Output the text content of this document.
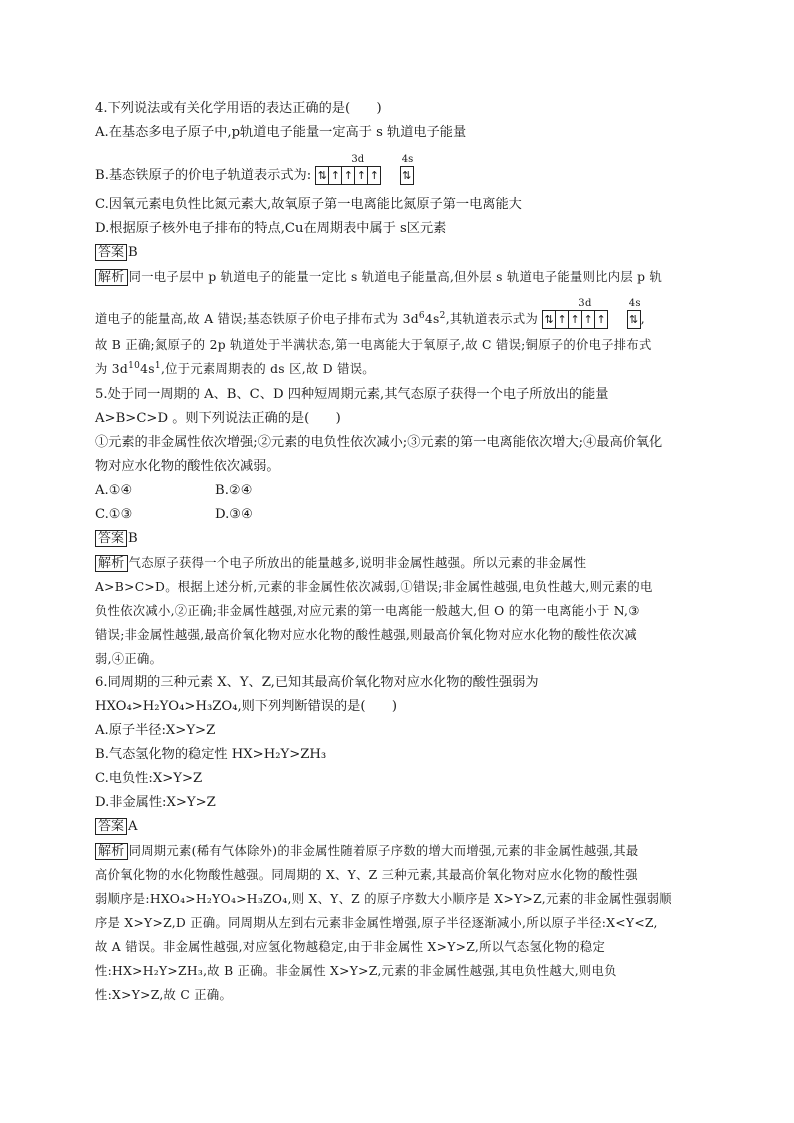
4.下列说法或有关化学用语的表达正确的是(　　)
A.在基态多电子原子中,p轨道电子能量一定高于 s 轨道电子能量
B.基态铁原子的价电子轨道表示式为:
3d
⇅ ↑ ↑ ↑ ↑

4s
⇅
C.因氧元素电负性比氮元素大,故氧原子第一电离能比氮原子第一电离能大
D.根据原子核外电子排布的特点,Cu在周期表中属于 s区元素
答案 B
解析 同一电子层中 p 轨道电子的能量一定比 s 轨道电子能量高,但外层 s 轨道电子能量则比内层 p 轨
道电子的能量高,故 A 错误;基态铁原子价电子排布式为 $3d^64s^2$,其轨道表示式为
3d
⇅ ↑ ↑ ↑ ↑

4s
⇅ ,
故 B 正确;氮原子的 2p 轨道处于半满状态,第一电离能大于氧原子,故 C 错误;铜原子的价电子排布式
为 $3d^{10}4s^1$,位于元素周期表的 ds 区,故 D 错误。
5.处于同一周期的 A、B、C、D 四种短周期元素,其气态原子获得一个电子所放出的能量
A>B>C>D 。则下列说法正确的是(　　)
①元素的非金属性依次增强;②元素的电负性依次减小;③元素的第一电离能依次增大;④最高价氧化
物对应水化物的酸性依次减弱。
A.①④	B.②④
C.①③	D.③④
答案 B
解析 气态原子获得一个电子所放出的能量越多,说明非金属性越强。所以元素的非金属性
A>B>C>D。根据上述分析,元素的非金属性依次减弱,①错误;非金属性越强,电负性越大,则元素的电
负性依次减小,②正确;非金属性越强,对应元素的第一电离能一般越大,但 O 的第一电离能小于 N,③
错误;非金属性越强,最高价氧化物对应水化物的酸性越强,则最高价氧化物对应水化物的酸性依次减
弱,④正确。
6.同周期的三种元素 X、Y、Z,已知其最高价氧化物对应水化物的酸性强弱为
HXO₄>H₂YO₄>H₃ZO₄,则下列判断错误的是(　　)
A.原子半径:X>Y>Z
B.气态氢化物的稳定性 HX>H₂Y>ZH₃
C.电负性:X>Y>Z
D.非金属性:X>Y>Z
答案 A
解析 同周期元素(稀有气体除外)的非金属性随着原子序数的增大而增强,元素的非金属性越强,其最
高价氧化物的水化物酸性越强。同周期的 X、Y、Z 三种元素,其最高价氧化物对应水化物的酸性强
弱顺序是:HXO₄>H₂YO₄>H₃ZO₄,则 X、Y、Z 的原子序数大小顺序是 X>Y>Z,元素的非金属性强弱顺
序是 X>Y>Z,D 正确。同周期从左到右元素非金属性增强,原子半径逐渐减小,所以原子半径:X<Y<Z,
故 A 错误。非金属性越强,对应氢化物越稳定,由于非金属性 X>Y>Z,所以气态氢化物的稳定
性:HX>H₂Y>ZH₃,故 B 正确。非金属性 X>Y>Z,元素的非金属性越强,其电负性越大,则电负
性:X>Y>Z,故 C 正确。
